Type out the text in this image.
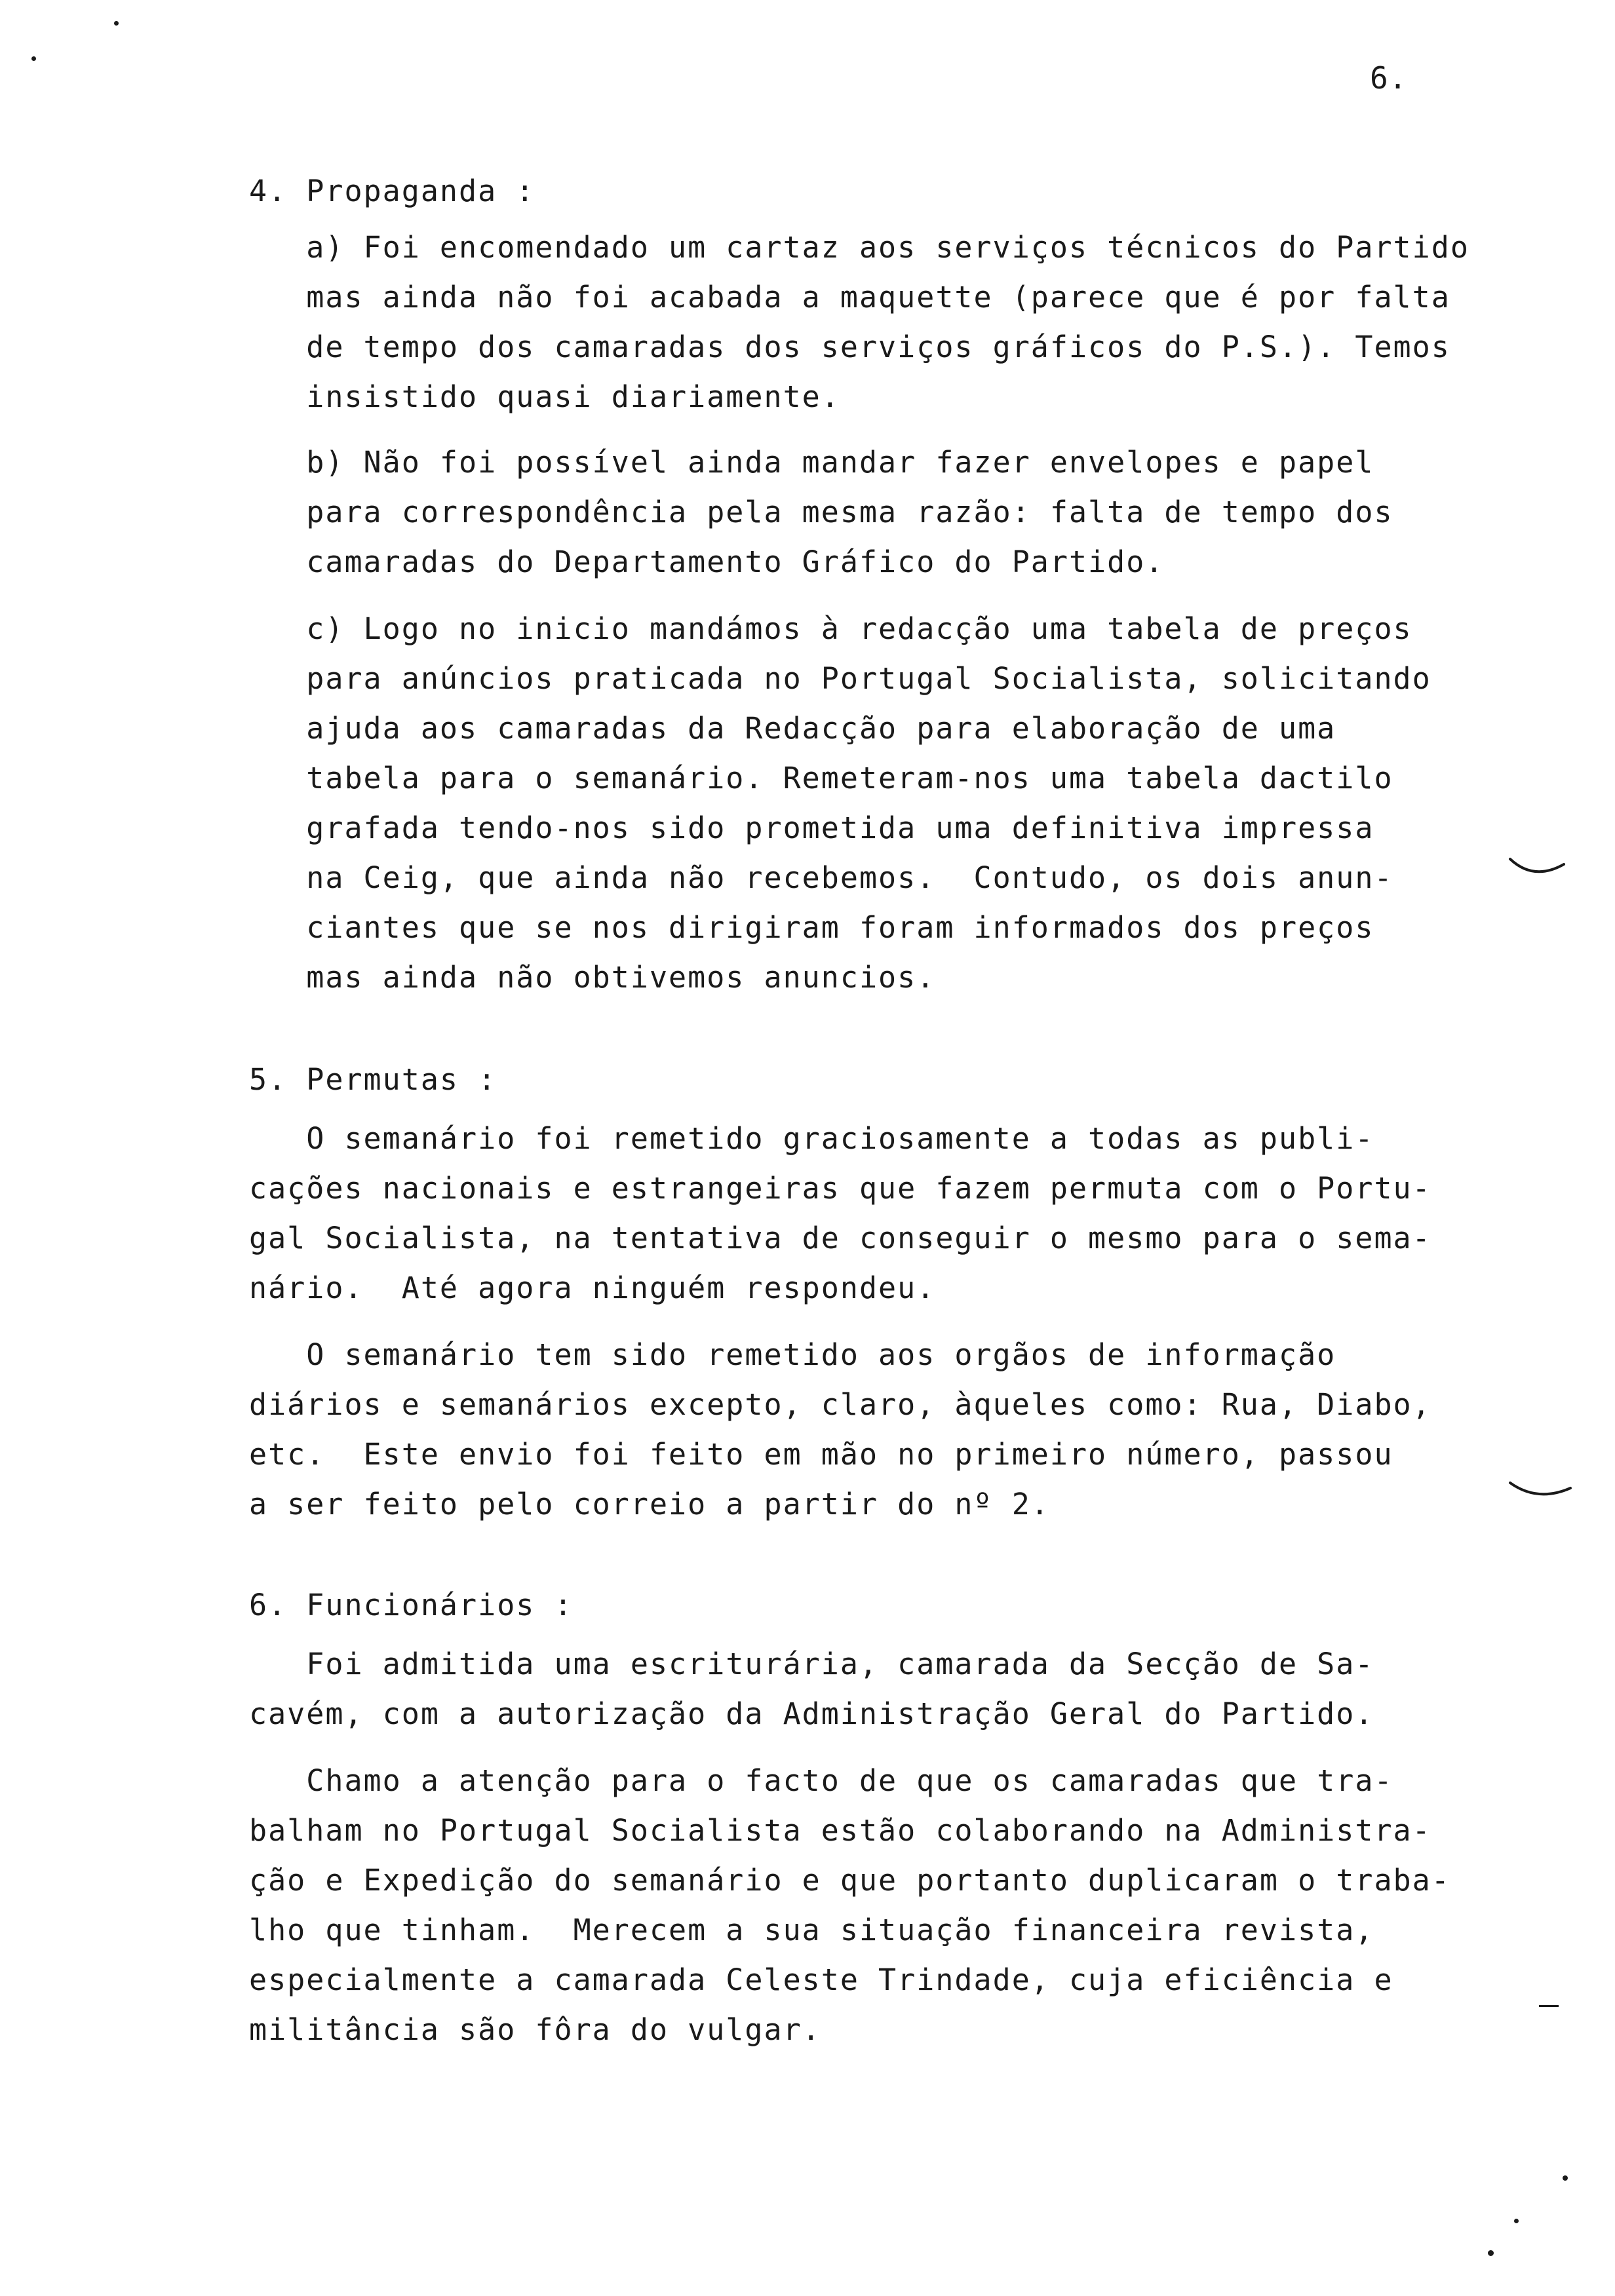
6.
4. Propaganda :
a) Foi encomendado um cartaz aos serviços técnicos do Partido
mas ainda não foi acabada a maquette (parece que é por falta
de tempo dos camaradas dos serviços gráficos do P.S.). Temos
insistido quasi diariamente.
b) Não foi possível ainda mandar fazer envelopes e papel
para correspondência pela mesma razão: falta de tempo dos
camaradas do Departamento Gráfico do Partido.
c) Logo no inicio mandámos à redacção uma tabela de preços
para anúncios praticada no Portugal Socialista, solicitando
ajuda aos camaradas da Redacção para elaboração de uma
tabela para o semanário. Remeteram-nos uma tabela dactilo
grafada tendo-nos sido prometida uma definitiva impressa
na Ceig, que ainda não recebemos.  Contudo, os dois anun-
ciantes que se nos dirigiram foram informados dos preços
mas ainda não obtivemos anuncios.
5. Permutas :
O semanário foi remetido graciosamente a todas as publi-
cações nacionais e estrangeiras que fazem permuta com o Portu-
gal Socialista, na tentativa de conseguir o mesmo para o sema-
nário.  Até agora ninguém respondeu.
O semanário tem sido remetido aos orgãos de informação
diários e semanários excepto, claro, àqueles como: Rua, Diabo,
etc.  Este envio foi feito em mão no primeiro número, passou
a ser feito pelo correio a partir do nº 2.
6. Funcionários :
Foi admitida uma escriturária, camarada da Secção de Sa-
cavém, com a autorização da Administração Geral do Partido.
Chamo a atenção para o facto de que os camaradas que tra-
balham no Portugal Socialista estão colaborando na Administra-
ção e Expedição do semanário e que portanto duplicaram o traba-
lho que tinham.  Merecem a sua situação financeira revista,
especialmente a camarada Celeste Trindade, cuja eficiência e
militância são fôra do vulgar.
